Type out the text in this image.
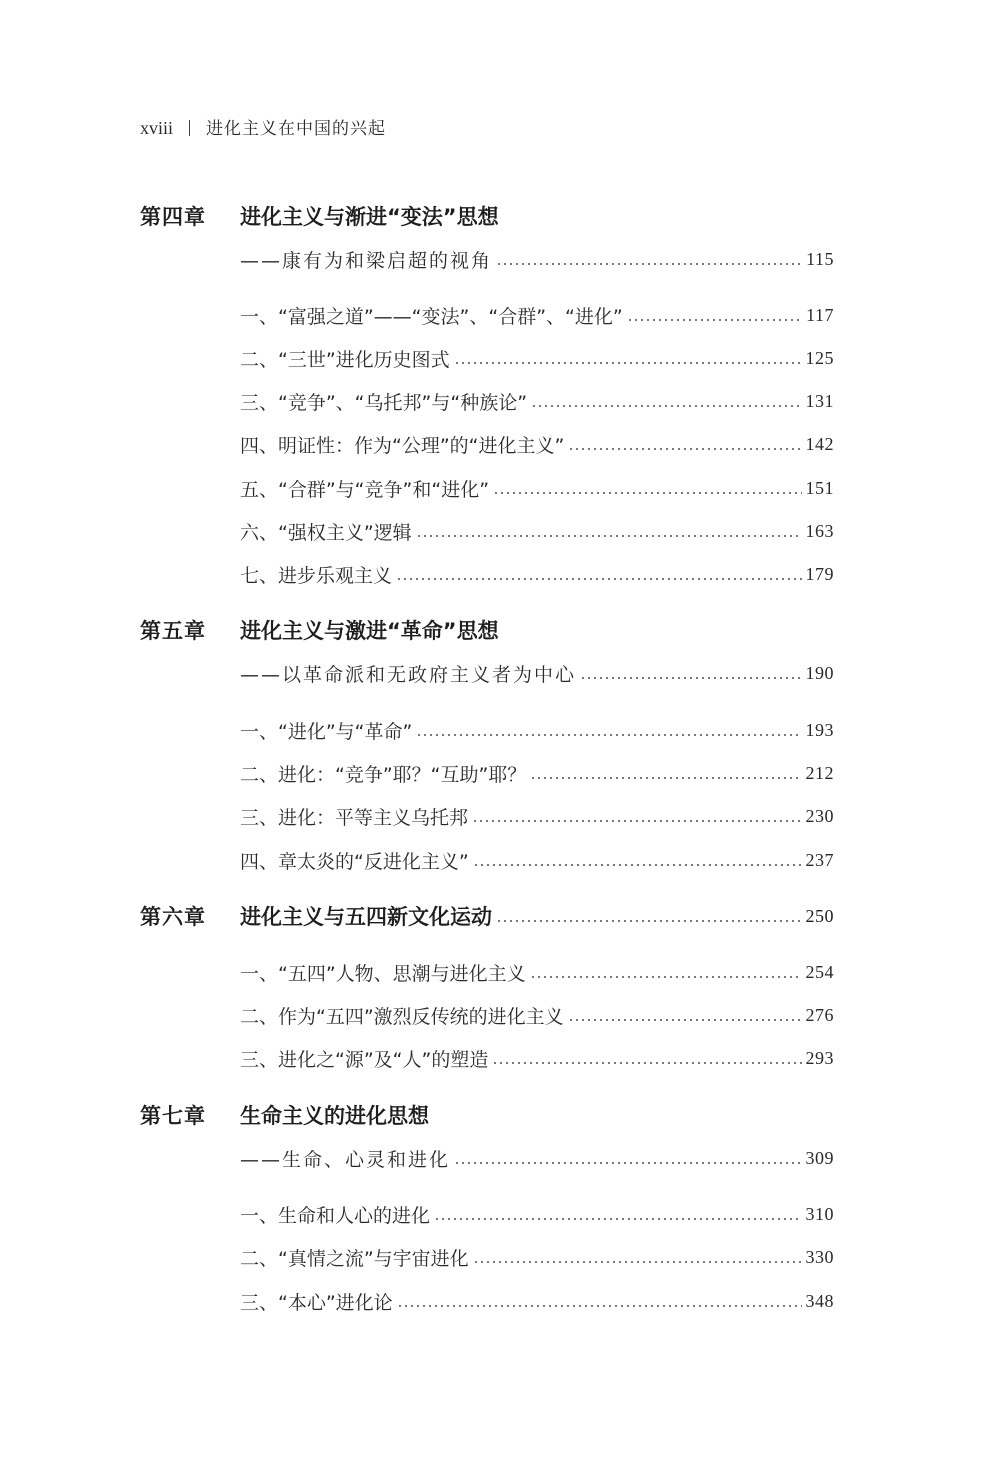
xviii 进化主义在中国的兴起
第四章	进化主义与渐进“变法”思想
——康有为和梁启超的视角	115
一、“富强之道”——“变法”、“合群”、“进化”	117
二、“三世”进化历史图式	125
三、“竞争”、“乌托邦”与“种族论”	131
四、明证性：作为“公理”的“进化主义”	142
五、“合群”与“竞争”和“进化”	151
六、“强权主义”逻辑	163
七、进步乐观主义	179
第五章	进化主义与激进“革命”思想
——以革命派和无政府主义者为中心	190
一、“进化”与“革命”	193
二、进化：“竞争”耶？“互助”耶？	212
三、进化：平等主义乌托邦	230
四、章太炎的“反进化主义”	237
第六章	进化主义与五四新文化运动	250
一、“五四”人物、思潮与进化主义	254
二、作为“五四”激烈反传统的进化主义	276
三、进化之“源”及“人”的塑造	293
第七章	生命主义的进化思想
——生命、心灵和进化	309
一、生命和人心的进化	310
二、“真情之流”与宇宙进化	330
三、“本心”进化论	348
